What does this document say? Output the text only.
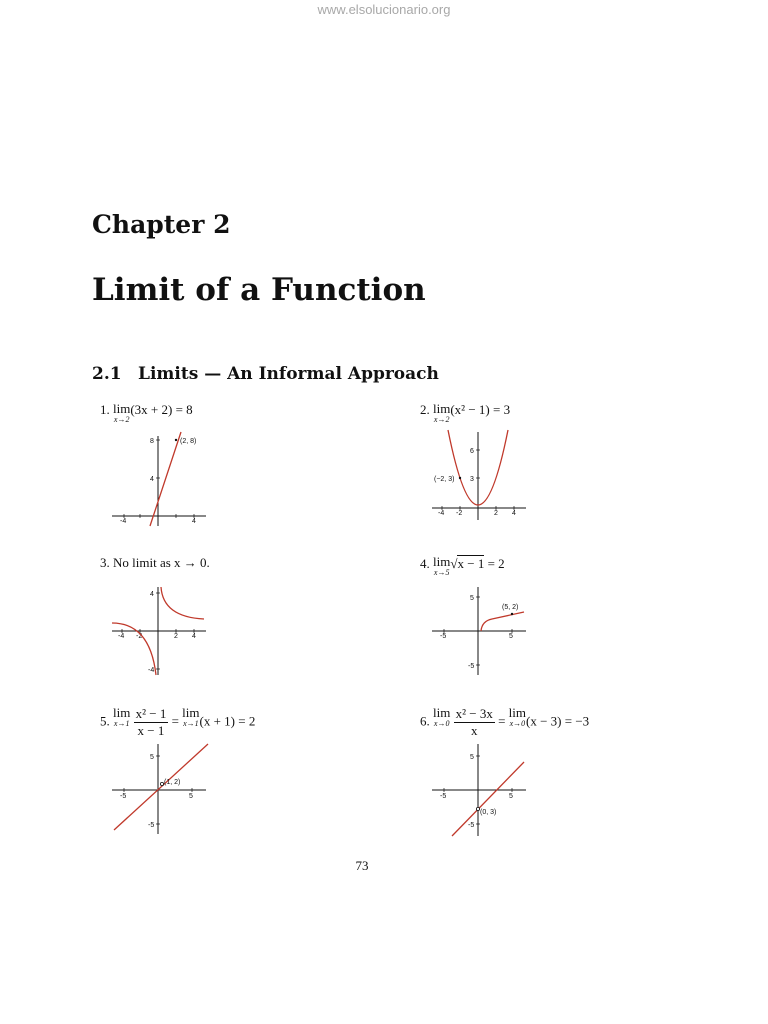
www.elsolucionario.org
Chapter 2
Limit of a Function
2.1 Limits — An Informal Approach
1. lim
x→2
(3x + 2) = 8
-4	4
8
4
(2, 8)
2. lim
x→2
(x² − 1) = 3
-4 -2	2 4
6
3
(−2, 3)
3. No limit as x → 0.
-4 -2	2 4
4
-4
4. lim
x→5
√x − 1 = 2
-5	5
5
-5
(5, 2)
5. lim
x→1
$\frac{\text{x² − 1}}{x - 1} = \lim$
x→1 (x + 1) = 2
-5	5
5
-5
(1, 2)
6. lim
x→0
$\frac{\text{x² − 3x}}{x} = \lim$
x→0 (x − 3) = −3
-5	5
5
-5
(0, 3)
73
